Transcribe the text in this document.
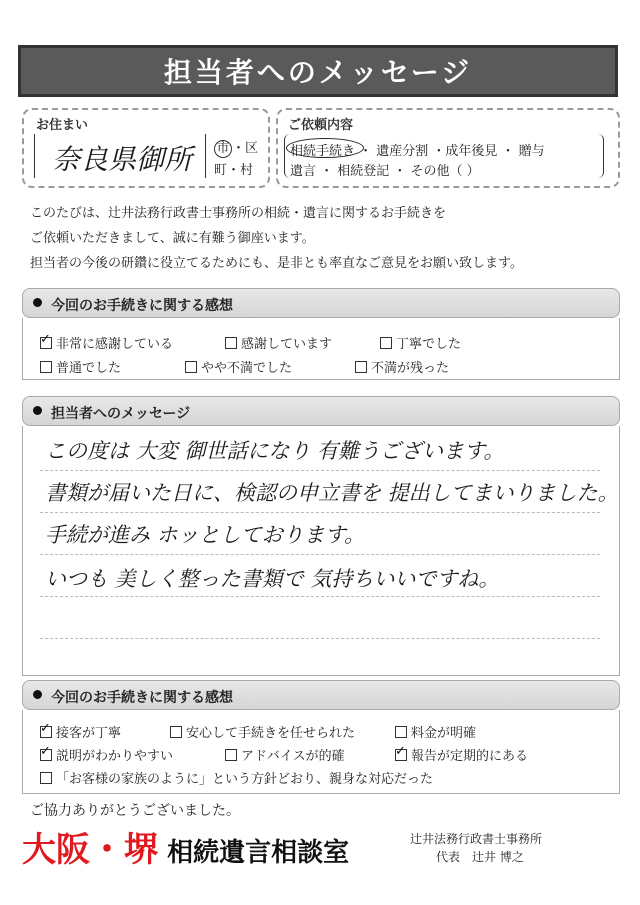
担当者へのメッセージ
お住まい
奈良県御所 市 ・区
町・村
ご依頼内容
相続手続き ・ 遺産分割 ・成年後見 ・ 贈与
遺言 ・ 相続登記 ・ その他（ ）
このたびは、辻井法務行政書士事務所の相続・遺言に関するお手続きを
ご依頼いただきまして、誠に有難う御座います。
担当者の今後の研鑽に役立てるためにも、是非とも率直なご意見をお願い致します。
今回のお手続きに関する感想
✓非常に感謝している	感謝しています	丁寧でした
普通でした	やや不満でした	不満が残った
担当者へのメッセージ
この度は 大変 御世話になり 有難うございます。
書類が届いた日に、検認の申立書を 提出してまいりました。
手続が進み ホッとしております。
いつも 美しく整った書類で 気持ちいいですね。
今回のお手続きに関する感想
✓接客が丁寧	安心して手続きを任せられた	料金が明確
✓説明がわかりやすい	アドバイスが的確 ✓	報告が定期的にある
「お客様の家族のように」という方針どおり、親身な対応だった
ご協力ありがとうございました。
大阪・堺 相続遺言相談室	辻井法務行政書士事務所
代表　辻井 博之
